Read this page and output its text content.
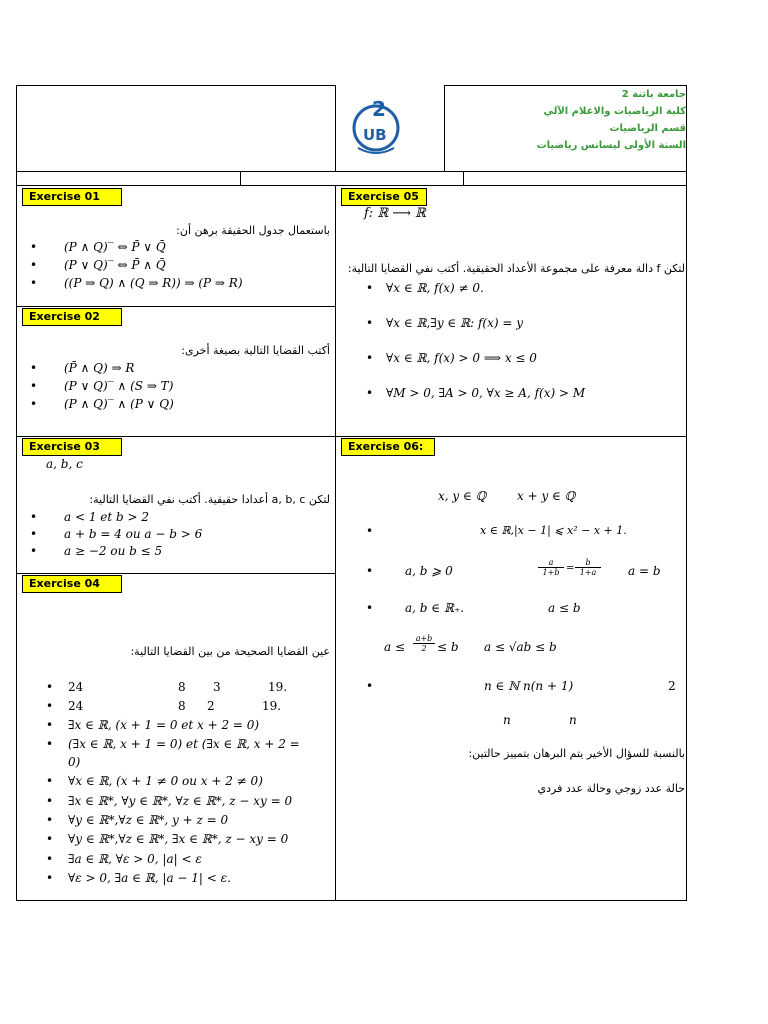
جامعة باتنة 2
كلية الرياضيات والاعلام الآلي
قسم الرياضيات
السنة الأولى ليسانس رياضيات
2
UB
Exercise 01
باستعمال جدول الحقيقة برهن أن:
• (P ∧ Q)‾ ⇔ P̄ ∨ Q̄
• (P ∨ Q)‾ ⇔ P̄ ∧ Q̄
• ((P ⇒ Q) ∧ (Q ⇒ R)) ⇒ (P ⇒ R)
Exercise 02
أكتب القضايا التالية بصيغة أخرى:
• (P̄ ∧ Q) ⇒ R
• (P ∨ Q)‾ ∧ (S ⇒ T)
• (P ∧ Q)‾ ∧ (P ∨ Q)
Exercise 03
a, b, c
لتكن a, b, c أعدادا حقيقية. أكتب نفي القضايا التالية:
• a < 1 et b > 2
• a + b = 4 ou a − b > 6
• a ≥ −2 ou b ≤ 5
Exercise 04
عين القضايا الصحيحة من بين القضايا التالية:
• 24	8 3	19.
• 24	8 2	19.
• ∃x ∈ ℝ, (x + 1 = 0 et x + 2 = 0)
• (∃x ∈ ℝ, x + 1 = 0) et (∃x ∈ ℝ, x + 2 =
0)
• ∀x ∈ ℝ, (x + 1 ≠ 0 ou x + 2 ≠ 0)
• ∃x ∈ ℝ*, ∀y ∈ ℝ*, ∀z ∈ ℝ*, z − xy = 0
• ∀y ∈ ℝ*,∀z ∈ ℝ*, y + z = 0
• ∀y ∈ ℝ*,∀z ∈ ℝ*, ∃x ∈ ℝ*, z − xy = 0
• ∃a ∈ ℝ, ∀ε > 0, |a| < ε
• ∀ε > 0, ∃a ∈ ℝ, |a − 1| < ε.
Exercise 05
f: ℝ ⟶ ℝ
لتكن f دالة معرفة على مجموعة الأعداد الحقيقية. أكتب نفي القضايا التالية:
• ∀x ∈ ℝ, f(x) ≠ 0.
• ∀x ∈ ℝ,∃y ∈ ℝ: f(x) = y
• ∀x ∈ ℝ, f(x) > 0 ⟹ x ≤ 0
• ∀M > 0, ∃A > 0, ∀x ≥ A, f(x) > M
Exercise 06:
x, y ∈ ℚ	x + y ∈ ℚ
•	x ∈ ℝ,|x − 1| ⩽ x² − x + 1.
•	a, b ⩾ 0
a
1+b =
b
1+a	a = b
•	a, b ∈ ℝ₊.	a ≤ b
a ≤
a+b
2 ≤ b a ≤ √ab ≤ b
•	n ∈ ℕ n(n + 1)	2
n	n
بالنسبة للسؤال الأخير يتم البرهان بتمييز حالتين:
حالة عدد زوجي وحالة عدد فردي
